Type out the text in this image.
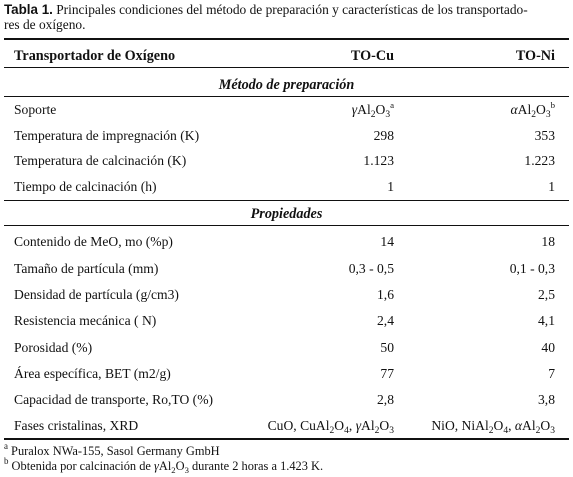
Tabla 1. Principales condiciones del método de preparación y características de los transportado-
res de oxígeno.
Transportador de Oxígeno	TO-Cu	TO-Ni
Método de preparación
Soporte	$\gamma Al_2O_3^a$	$\alpha Al_2O_3^b$
Temperatura de impregnación (K)	298	353
Temperatura de calcinación (K)	1.123	1.223
Tiempo de calcinación (h)	1	1
Propiedades
Contenido de MeO, mo (%p)	14	18
Tamaño de partícula (mm)	0,3 - 0,5	0,1 - 0,3
Densidad de partícula (g/cm3)	1,6	2,5
Resistencia mecánica ( N)	2,4	4,1
Porosidad (%)	50	40
Área específica, BET (m2/g)	77	7
Capacidad de transporte, Ro,TO (%)	2,8	3,8
Fases cristalinas, XRD	CuO, $CuAl_2O_4$, $\gamma Al_2O_3$	NiO, $NiAl_2O_4$, $\alpha Al_2O_3$
$^a$ Puralox NWa-155, Sasol Germany GmbH
$^b$ Obtenida por calcinación de $\gamma Al_2O_3$ durante 2 horas a 1.423 K.
